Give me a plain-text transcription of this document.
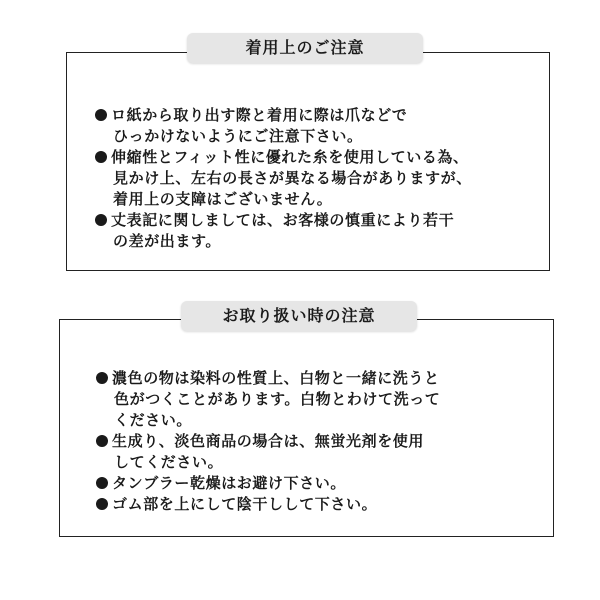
ロ紙から取り出す際と着用に際は爪などで
ひっかけないようにご注意下さい。
伸縮性とフィット性に優れた糸を使用している為、
見かけ上、左右の長さが異なる場合がありますが、
着用上の支障はございません。
丈表記に関しましては、お客様の慎重により若干
の差が出ます。
着用上のご注意
濃色の物は染料の性質上、白物と一緒に洗うと
色がつくことがあります。白物とわけて洗って
ください。
生成り、淡色商品の場合は、無蛍光剤を使用
してください。
タンブラー乾燥はお避け下さい。
ゴム部を上にして陰干しして下さい。
お取り扱い時の注意
